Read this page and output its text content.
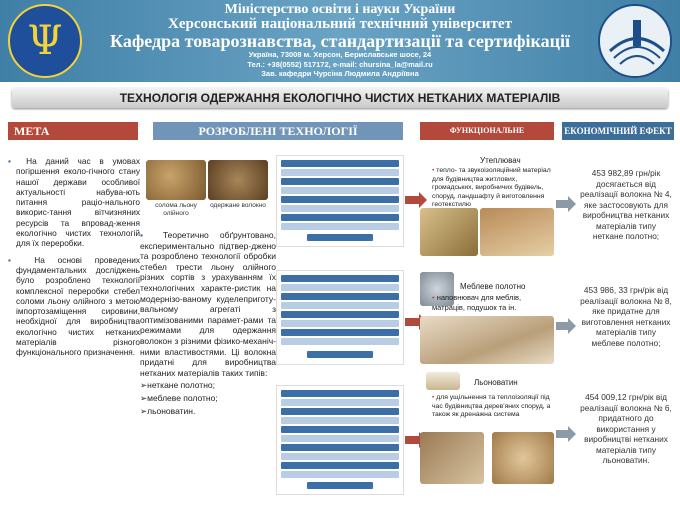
Ψ
Міністерство освіти і науки України
Херсонський національний технічний університет
Кафедра товарознавства, стандартизації та сертифікації
Україна, 73008 м. Херсон, Бериславське шосе, 24
Тел.: +38(0552) 517172, e-mail: chursina_la@mail.ru
Зав. кафедри Чурсіна Людмила Андріївна
ТЕХНОЛОГІЯ ОДЕРЖАННЯ ЕКОЛОГІЧНО ЧИСТИХ НЕТКАНИХ МАТЕРІАЛІВ
МЕТА	РОЗРОБЛЕНІ ТЕХНОЛОГІЇ	ФУНКЦІОНАЛЬНЕ ПРИЗНАЧЕННЯ
ЕКОНОМІЧНИЙ ЕФЕКТ

▪ На даний час в умовах погіршення еколо-гічного стану нашої держави особливої актуальності набува-ють питання раціо-нального викорис-тання вітчизняних ресурсів та впровад-ження екологічно чистих технологій для їх переробки.

▪ На основі проведених фундаментальних досліджень було розроблено технології комплексної переробки стебел соломи льону олійного з метою імпортозаміщення сировини, необхідної для виробництва екологічно чистих нетканих матеріалів різного функціонального призначення.

солома льону олійного
одержане волокно
▪ Теоретично обґрунтовано, експериментально підтвер-джено та розроблено технології обробки стебел трести льону олійного різних сортів з урахуванням їх технологічних характе-ристик на модернізо-ваному куделеприготу-вальному агрегаті з оптимізованими парамет-рами та режимами для одержання волокон з різними фізико-механіч-ними властивостями. Ці волокна придатні для виробництва нетканих матеріалів таких типів:
➢нетканe полотно;
➢меблеве полотно;
➢льоноватин.
Утеплювач
• тепло- та звукоізоляційний матеріал для будівництва житлових, громадських, виробничих будівель, споруд, ландшафту й виготовлення геотекстилю
Меблеве полотно
• наповнювач для меблів, матраців, подушок та ін.
Льоноватин
• для ущільнення та теплоізоляції під час будівництва дерев'яних споруд, а також як дренажна система
453 982,89 грн/рік досягається від реалізації волокна № 4, яке застосовують для виробництва нетканих матеріалів типу нетканe полотно;
453 986, 33 грн/рік від реалізації волокна № 8, яке придатне для виготовлення нетканих матеріалів типу меблеве полотно;
454 009,12 грн/рік від реалізації волокна № 6, придатного до використання у виробництві нетканих матеріалів типу льоноватин.
